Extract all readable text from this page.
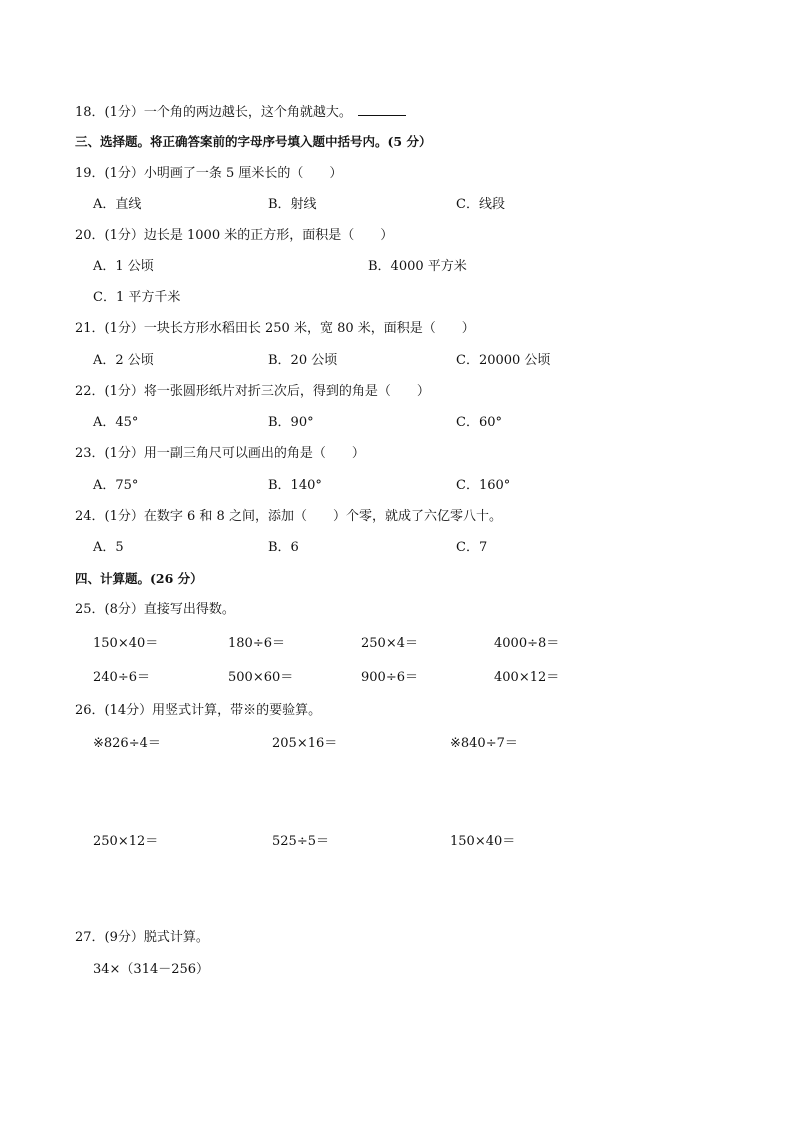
18．(1分）一个角的两边越长，这个角就越大。
三、选择题。将正确答案前的字母序号填入题中括号内。(5 分）
19．(1分）小明画了一条 5 厘米长的（　　）
A．直线	B．射线	C．线段
20．(1分）边长是 1000 米的正方形，面积是（　　）
A．1 公顷	B．4000 平方米
C．1 平方千米
21．(1分）一块长方形水稻田长 250 米，宽 80 米，面积是（　　）
A．2 公顷	B．20 公顷	C．20000 公顷
22．(1分）将一张圆形纸片对折三次后，得到的角是（　　）
A．45°	B．90°	C．60°
23．(1分）用一副三角尺可以画出的角是（　　）
A．75°	B．140°	C．160°
24．(1分）在数字 6 和 8 之间，添加（　　）个零，就成了六亿零八十。
A．5	B．6	C．7
四、计算题。(26 分）
25．(8分）直接写出得数。
150×40＝	180÷6＝	250×4＝	4000÷8＝
240÷6＝	500×60＝	900÷6＝	400×12＝
26．(14分）用竖式计算，带※的要验算。
※826÷4＝	205×16＝	※840÷7＝
250×12＝	525÷5＝	150×40＝
27．(9分）脱式计算。
34×（314－256）
